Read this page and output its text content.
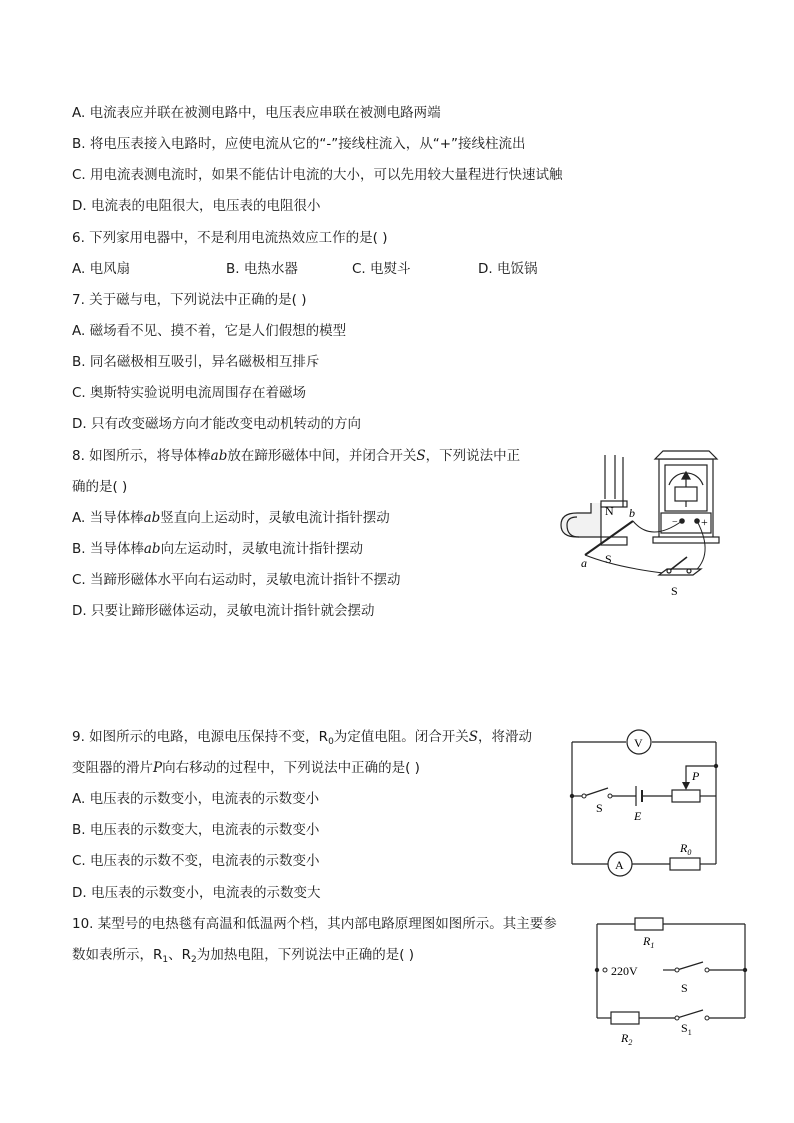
A. 电流表应并联在被测电路中，电压表应串联在被测电路两端
B. 将电压表接入电路时，应使电流从它的“-”接线柱流入，从“+”接线柱流出
C. 用电流表测电流时，如果不能估计电流的大小，可以先用较大量程进行快速试触
D. 电流表的电阻很大，电压表的电阻很小
6. 下列家用电器中，不是利用电流热效应工作的是( )
A. 电风扇	B. 电热水器	C. 电熨斗	D. 电饭锅
7. 关于磁与电，下列说法中正确的是( )
A. 磁场看不见、摸不着，它是人们假想的模型
B. 同名磁极相互吸引，异名磁极相互排斥
C. 奥斯特实验说明电流周围存在着磁场
D. 只有改变磁场方向才能改变电动机转动的方向
8. 如图所示，将导体棒ab放在蹄形磁体中间，并闭合开关S，下列说法中正
确的是( )
A. 当导体棒ab竖直向上运动时，灵敏电流计指针摆动
B. 当导体棒ab向左运动时，灵敏电流计指针摆动
C. 当蹄形磁体水平向右运动时，灵敏电流计指针不摆动
D. 只要让蹄形磁体运动，灵敏电流计指针就会摆动
− +
N
S
a
b
S
9. 如图所示的电路，电源电压保持不变，$R_0$为定值电阻。闭合开关S，将滑动
变阻器的滑片P向右移动的过程中，下列说法中正确的是( )
A. 电压表的示数变小，电流表的示数变小
B. 电压表的示数变大，电流表的示数变小
C. 电压表的示数不变，电流表的示数变小
D. 电压表的示数变小，电流表的示数变大
V
A
S
E
P
$R_0$
10. 某型号的电热毯有高温和低温两个档，其内部电路原理图如图所示。其主要参
数如表所示，$R_1$、$R_2$为加热电阻，下列说法中正确的是( )
220V
$R_1$
S
$S_1$
$R_2$
